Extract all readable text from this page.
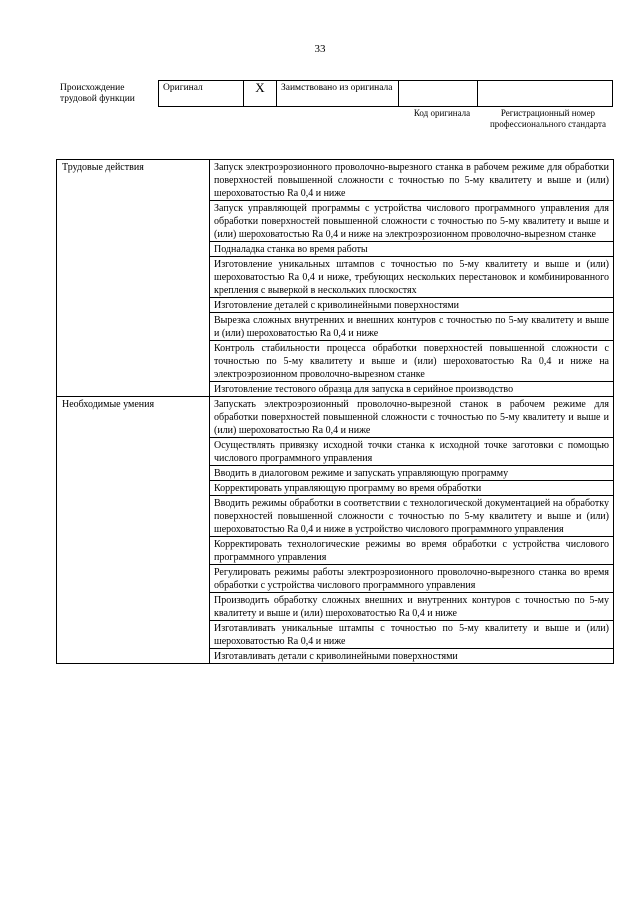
33
Происхождение трудовой функции	Оригинал	X	Заимствовано из оригинала		
Код оригинала	Регистрационный номер профессионального стандарта
Трудовые действия	Запуск электроэрозионного проволочно-вырезного станка в рабочем режиме для обработки поверхностей повышенной сложности с точностью по 5-му квалитету и выше и (или) шероховатостью Ra 0,4 и ниже
	Запуск управляющей программы с устройства числового программного управления для обработки поверхностей повышенной сложности с точностью по 5-му квалитету и выше и (или) шероховатостью Ra 0,4 и ниже на электроэрозионном проволочно-вырезном станке
	Подналадка станка во время работы
	Изготовление уникальных штампов с точностью по 5-му квалитету и выше и (или) шероховатостью Ra 0,4 и ниже, требующих нескольких перестановок и комбинированного крепления с выверкой в нескольких плоскостях
	Изготовление деталей с криволинейными поверхностями
	Вырезка сложных внутренних и внешних контуров с точностью по 5-му квалитету и выше и (или) шероховатостью Ra 0,4 и ниже
	Контроль стабильности процесса обработки поверхностей повышенной сложности с точностью по 5-му квалитету и выше и (или) шероховатостью Ra 0,4 и ниже на электроэрозионном проволочно-вырезном станке
	Изготовление тестового образца для запуска в серийное производство
Необходимые умения	Запускать электроэрозионный проволочно-вырезной станок в рабочем режиме для обработки поверхностей повышенной сложности с точностью по 5-му квалитету и выше и (или) шероховатостью Ra 0,4 и ниже
	Осуществлять привязку исходной точки станка к исходной точке заготовки с помощью числового программного управления
	Вводить в диалоговом режиме и запускать управляющую программу
	Корректировать управляющую программу во время обработки
	Вводить режимы обработки в соответствии с технологической документацией на обработку поверхностей повышенной сложности с точностью по 5-му квалитету и выше и (или) шероховатостью Ra 0,4 и ниже в устройство числового программного управления
	Корректировать технологические режимы во время обработки с устройства числового программного управления
	Регулировать режимы работы электроэрозионного проволочно-вырезного станка во время обработки с устройства числового программного управления
	Производить обработку сложных внешних и внутренних контуров с точностью по 5-му квалитету и выше и (или) шероховатостью Ra 0,4 и ниже
	Изготавливать уникальные штампы с точностью по 5-му квалитету и выше и (или) шероховатостью Ra 0,4 и ниже
	Изготавливать детали с криволинейными поверхностями
